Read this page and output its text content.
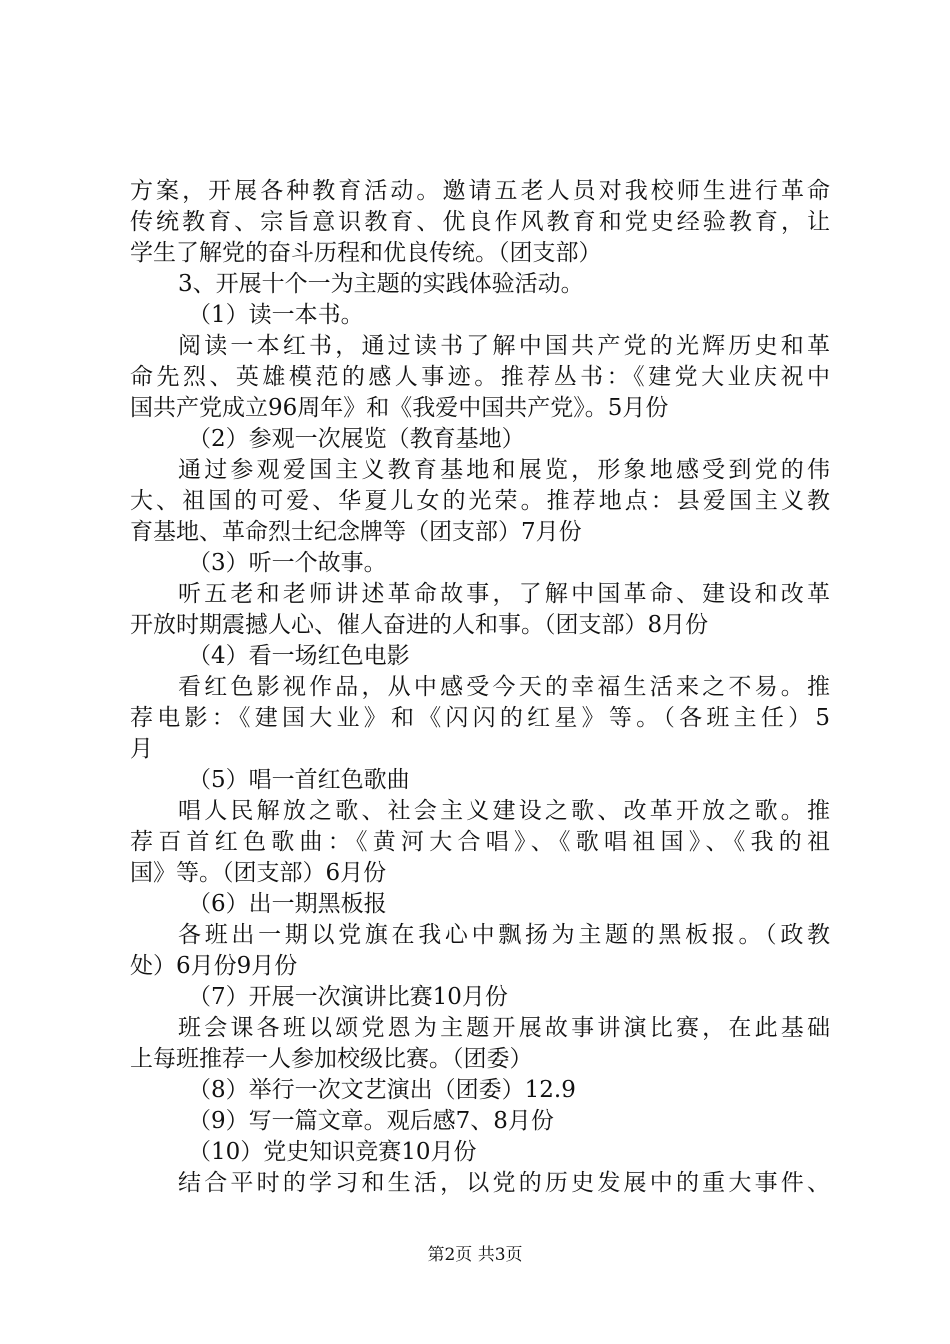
方案，开展各种教育活动。邀请五老人员对我校师生进行革命
传统教育、宗旨意识教育、优良作风教育和党史经验教育，让
学生了解党的奋斗历程和优良传统。（团支部）
3、开展十个一为主题的实践体验活动。
（1）读一本书。
阅读一本红书，通过读书了解中国共产党的光辉历史和革
命先烈、英雄模范的感人事迹。推荐丛书：《建党大业庆祝中
国共产党成立96周年》和《我爱中国共产党》。5月份
（2）参观一次展览（教育基地）
通过参观爱国主义教育基地和展览，形象地感受到党的伟
大、祖国的可爱、华夏儿女的光荣。推荐地点：县爱国主义教
育基地、革命烈士纪念牌等（团支部）7月份
（3）听一个故事。
听五老和老师讲述革命故事，了解中国革命、建设和改革
开放时期震撼人心、催人奋进的人和事。（团支部）8月份
（4）看一场红色电影
看红色影视作品，从中感受今天的幸福生活来之不易。推
荐电影：《建国大业》和《闪闪的红星》等。（各班主任）5
月
（5）唱一首红色歌曲
唱人民解放之歌、社会主义建设之歌、改革开放之歌。推
荐百首红色歌曲：《黄河大合唱》、《歌唱祖国》、《我的祖
国》等。（团支部）6月份
（6）出一期黑板报
各班出一期以党旗在我心中飘扬为主题的黑板报。（政教
处）6月份9月份
（7）开展一次演讲比赛10月份
班会课各班以颂党恩为主题开展故事讲演比赛，在此基础
上每班推荐一人参加校级比赛。（团委）
（8）举行一次文艺演出（团委）12.9
（9）写一篇文章。观后感7、8月份
（10）党史知识竞赛10月份
结合平时的学习和生活，以党的历史发展中的重大事件、
第2页 共3页
